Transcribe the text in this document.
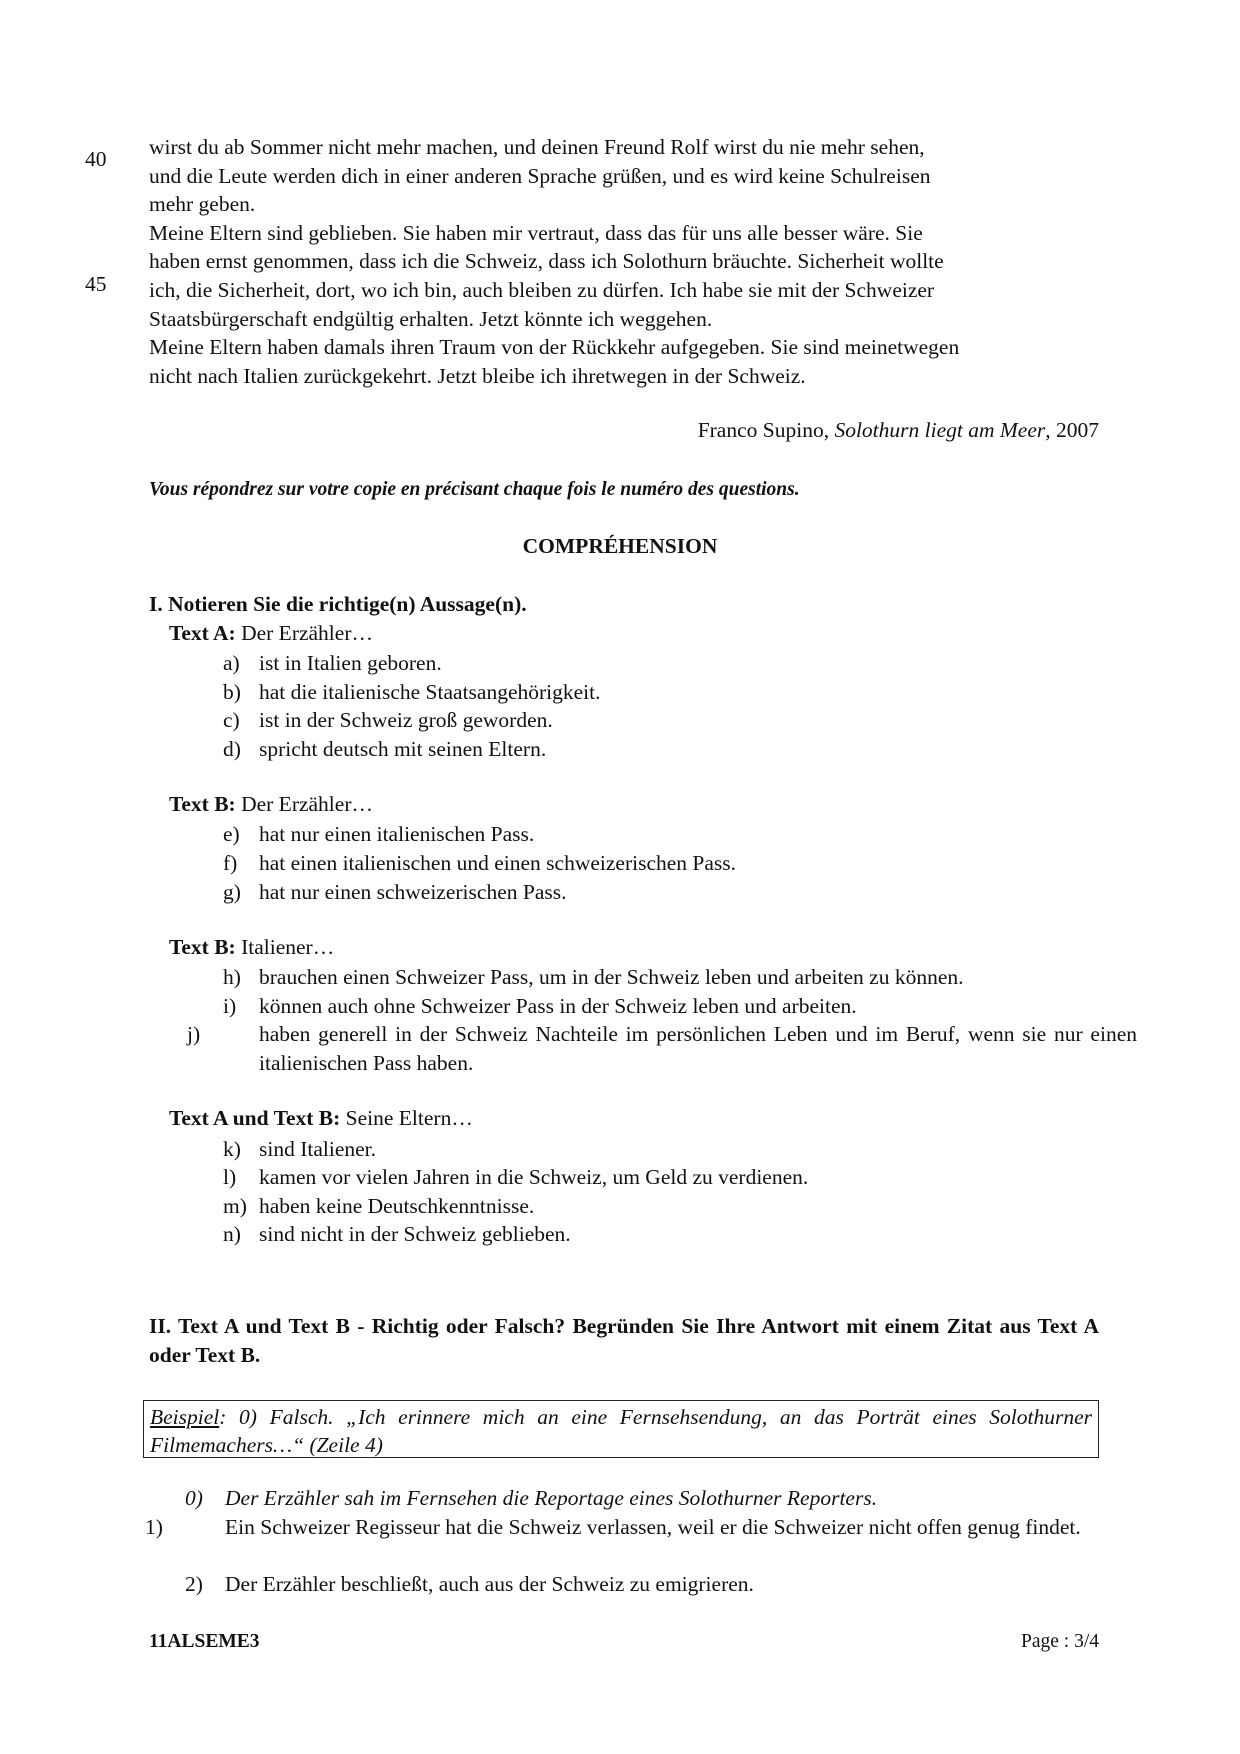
40
45

wirst du ab Sommer nicht mehr machen, und deinen Freund Rolf wirst du nie mehr sehen,

und die Leute werden dich in einer anderen Sprache grüßen, und es wird keine Schulreisen

mehr geben.

Meine Eltern sind geblieben. Sie haben mir vertraut, dass das für uns alle besser wäre. Sie

haben ernst genommen, dass ich die Schweiz, dass ich Solothurn bräuchte. Sicherheit wollte

ich, die Sicherheit, dort, wo ich bin, auch bleiben zu dürfen. Ich habe sie mit der Schweizer

Staatsbürgerschaft endgültig erhalten. Jetzt könnte ich weggehen.

Meine Eltern haben damals ihren Traum von der Rückkehr aufgegeben. Sie sind meinetwegen

nicht nach Italien zurückgekehrt. Jetzt bleibe ich ihretwegen in der Schweiz.

Franco Supino, Solothurn liegt am Meer, 2007
Vous répondrez sur votre copie en précisant chaque fois le numéro des questions.
COMPRÉHENSION
I. Notieren Sie die richtige(n) Aussage(n).
Text A: Der Erzähler…
a) ist in Italien geboren.
b) hat die italienische Staatsangehörigkeit.
c) ist in der Schweiz groß geworden.
d) spricht deutsch mit seinen Eltern.
Text B: Der Erzähler…
e) hat nur einen italienischen Pass.
f) hat einen italienischen und einen schweizerischen Pass.
g) hat nur einen schweizerischen Pass.
Text B: Italiener…
h) brauchen einen Schweizer Pass, um in der Schweiz leben und arbeiten zu können.
i) können auch ohne Schweizer Pass in der Schweiz leben und arbeiten.
j)	haben generell in der Schweiz Nachteile im persönlichen Leben und im Beruf, wenn sie nur einen italienischen Pass haben.
Text A und Text B: Seine Eltern…
k) sind Italiener.
l) kamen vor vielen Jahren in die Schweiz, um Geld zu verdienen.
m) haben keine Deutschkenntnisse.
n) sind nicht in der Schweiz geblieben.
II. Text A und Text B - Richtig oder Falsch? Begründen Sie Ihre Antwort mit einem Zitat aus Text A oder Text B.
Beispiel: 0) Falsch. „Ich erinnere mich an eine Fernsehsendung, an das Porträt eines Solothurner Filmemachers…“ (Zeile 4)
0) Der Erzähler sah im Fernsehen die Reportage eines Solothurner Reporters.
1)	Ein Schweizer Regisseur hat die Schweiz verlassen, weil er die Schweizer nicht offen genug findet.
2) Der Erzähler beschließt, auch aus der Schweiz zu emigrieren.
11ALSEME3	Page : 3/4
